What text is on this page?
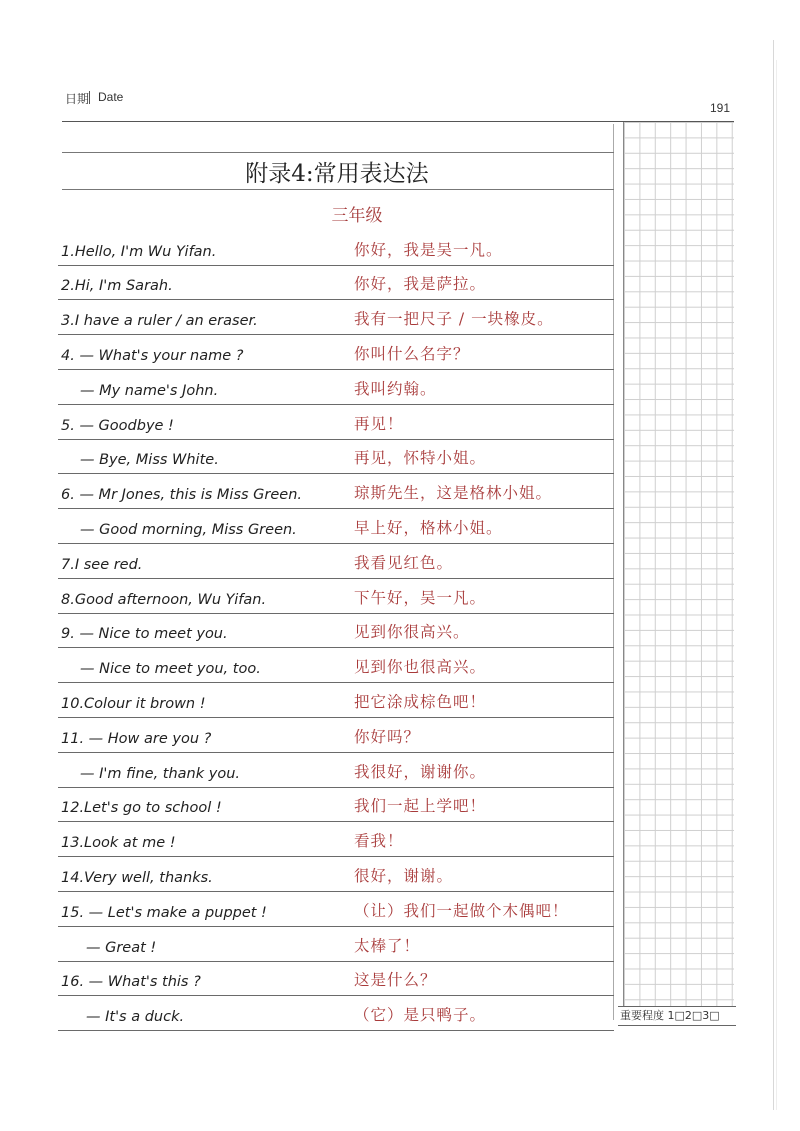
日期 Date
191
重要程度 1□2□3□
附录4:常用表达法
三年级
1.Hello, I'm Wu Yifan.	你好，我是吴一凡。
2.Hi, I'm Sarah.	你好，我是萨拉。
3.I have a ruler / an eraser.	我有一把尺子 / 一块橡皮。
4. — What's your name ?	你叫什么名字？
— My name's John.	我叫约翰。
5. — Goodbye !	再见！
— Bye, Miss White.	再见，怀特小姐。
6. — Mr Jones, this is Miss Green.	琼斯先生，这是格林小姐。
— Good morning, Miss Green.	早上好，格林小姐。
7.I see red.	我看见红色。
8.Good afternoon, Wu Yifan.	下午好，吴一凡。
9. — Nice to meet you.	见到你很高兴。
— Nice to meet you, too.	见到你也很高兴。
10.Colour it brown !	把它涂成棕色吧！
11. — How are you ?	你好吗？
— I'm fine, thank you.	我很好，谢谢你。
12.Let's go to school !	我们一起上学吧！
13.Look at me !	看我！
14.Very well, thanks.	很好，谢谢。
15. — Let's make a puppet !	（让）我们一起做个木偶吧！
— Great !	太棒了！
16. — What's this ?	这是什么？
— It's a duck.	（它）是只鸭子。
